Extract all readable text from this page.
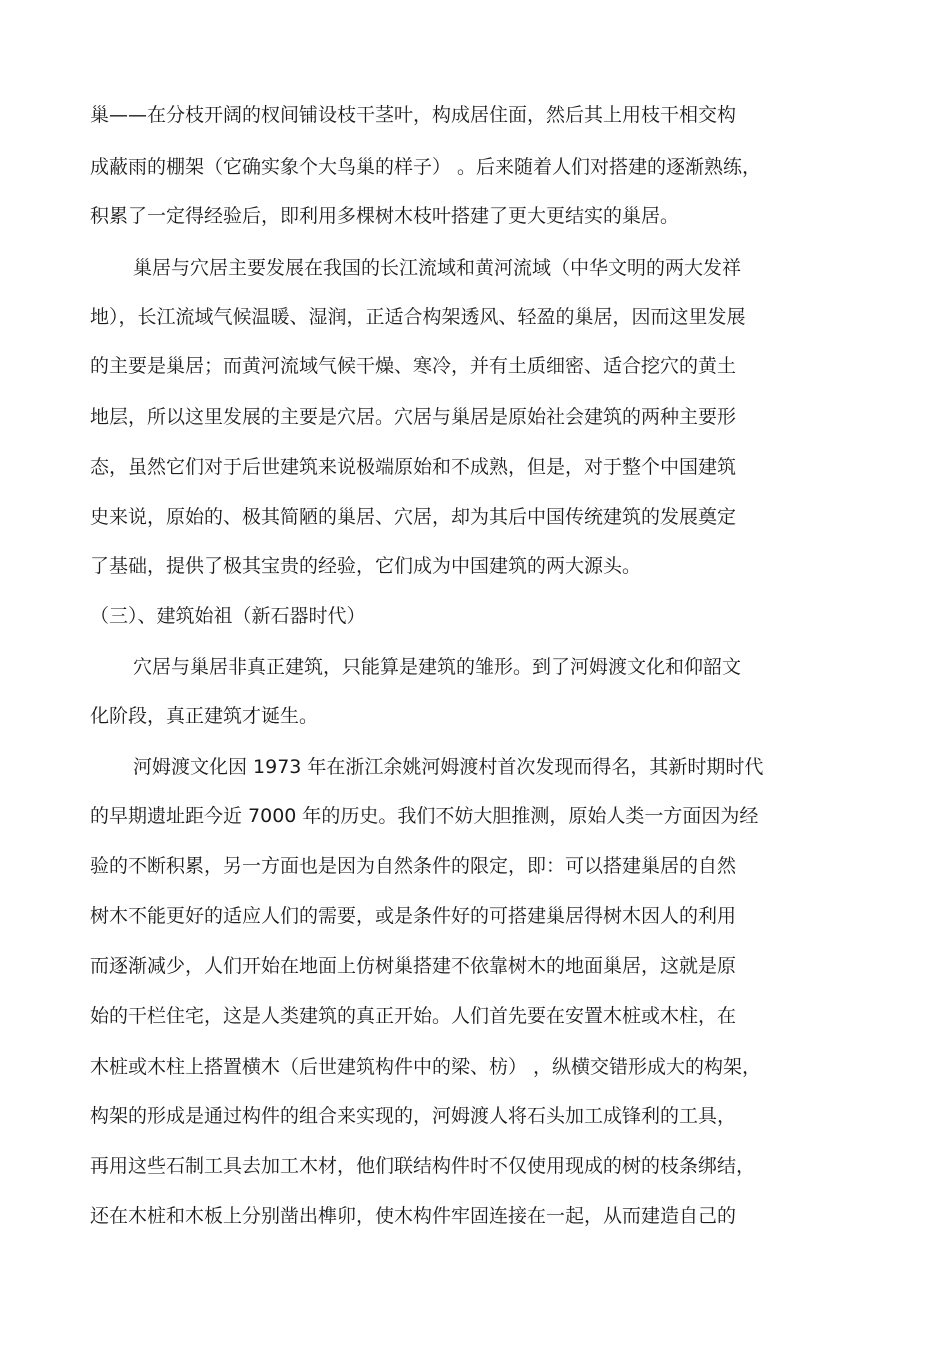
巢——在分枝开阔的杈间铺设枝干茎叶，构成居住面，然后其上用枝干相交构
成蔽雨的棚架（它确实象个大鸟巢的样子） 。后来随着人们对搭建的逐渐熟练，
积累了一定得经验后，即利用多棵树木枝叶搭建了更大更结实的巢居。
巢居与穴居主要发展在我国的长江流域和黄河流域（中华文明的两大发祥
地），长江流域气候温暖、湿润，正适合构架透风、轻盈的巢居，因而这里发展
的主要是巢居；而黄河流域气候干燥、寒冷，并有土质细密、适合挖穴的黄土
地层，所以这里发展的主要是穴居。穴居与巢居是原始社会建筑的两种主要形
态，虽然它们对于后世建筑来说极端原始和不成熟，但是，对于整个中国建筑
史来说，原始的、极其简陋的巢居、穴居，却为其后中国传统建筑的发展奠定
了基础，提供了极其宝贵的经验，它们成为中国建筑的两大源头。
（三）、建筑始祖（新石器时代）
穴居与巢居非真正建筑，只能算是建筑的雏形。到了河姆渡文化和仰韶文
化阶段，真正建筑才诞生。
河姆渡文化因 1973 年在浙江余姚河姆渡村首次发现而得名，其新时期时代
的早期遗址距今近 7000 年的历史。我们不妨大胆推测，原始人类一方面因为经
验的不断积累，另一方面也是因为自然条件的限定，即：可以搭建巢居的自然
树木不能更好的适应人们的需要，或是条件好的可搭建巢居得树木因人的利用
而逐渐减少，人们开始在地面上仿树巢搭建不依靠树木的地面巢居，这就是原
始的干栏住宅，这是人类建筑的真正开始。人们首先要在安置木桩或木柱，在
木桩或木柱上搭置横木（后世建筑构件中的梁、枋） ，纵横交错形成大的构架，
构架的形成是通过构件的组合来实现的，河姆渡人将石头加工成锋利的工具，
再用这些石制工具去加工木材，他们联结构件时不仅使用现成的树的枝条绑结，
还在木桩和木板上分别凿出榫卯，使木构件牢固连接在一起，从而建造自己的
